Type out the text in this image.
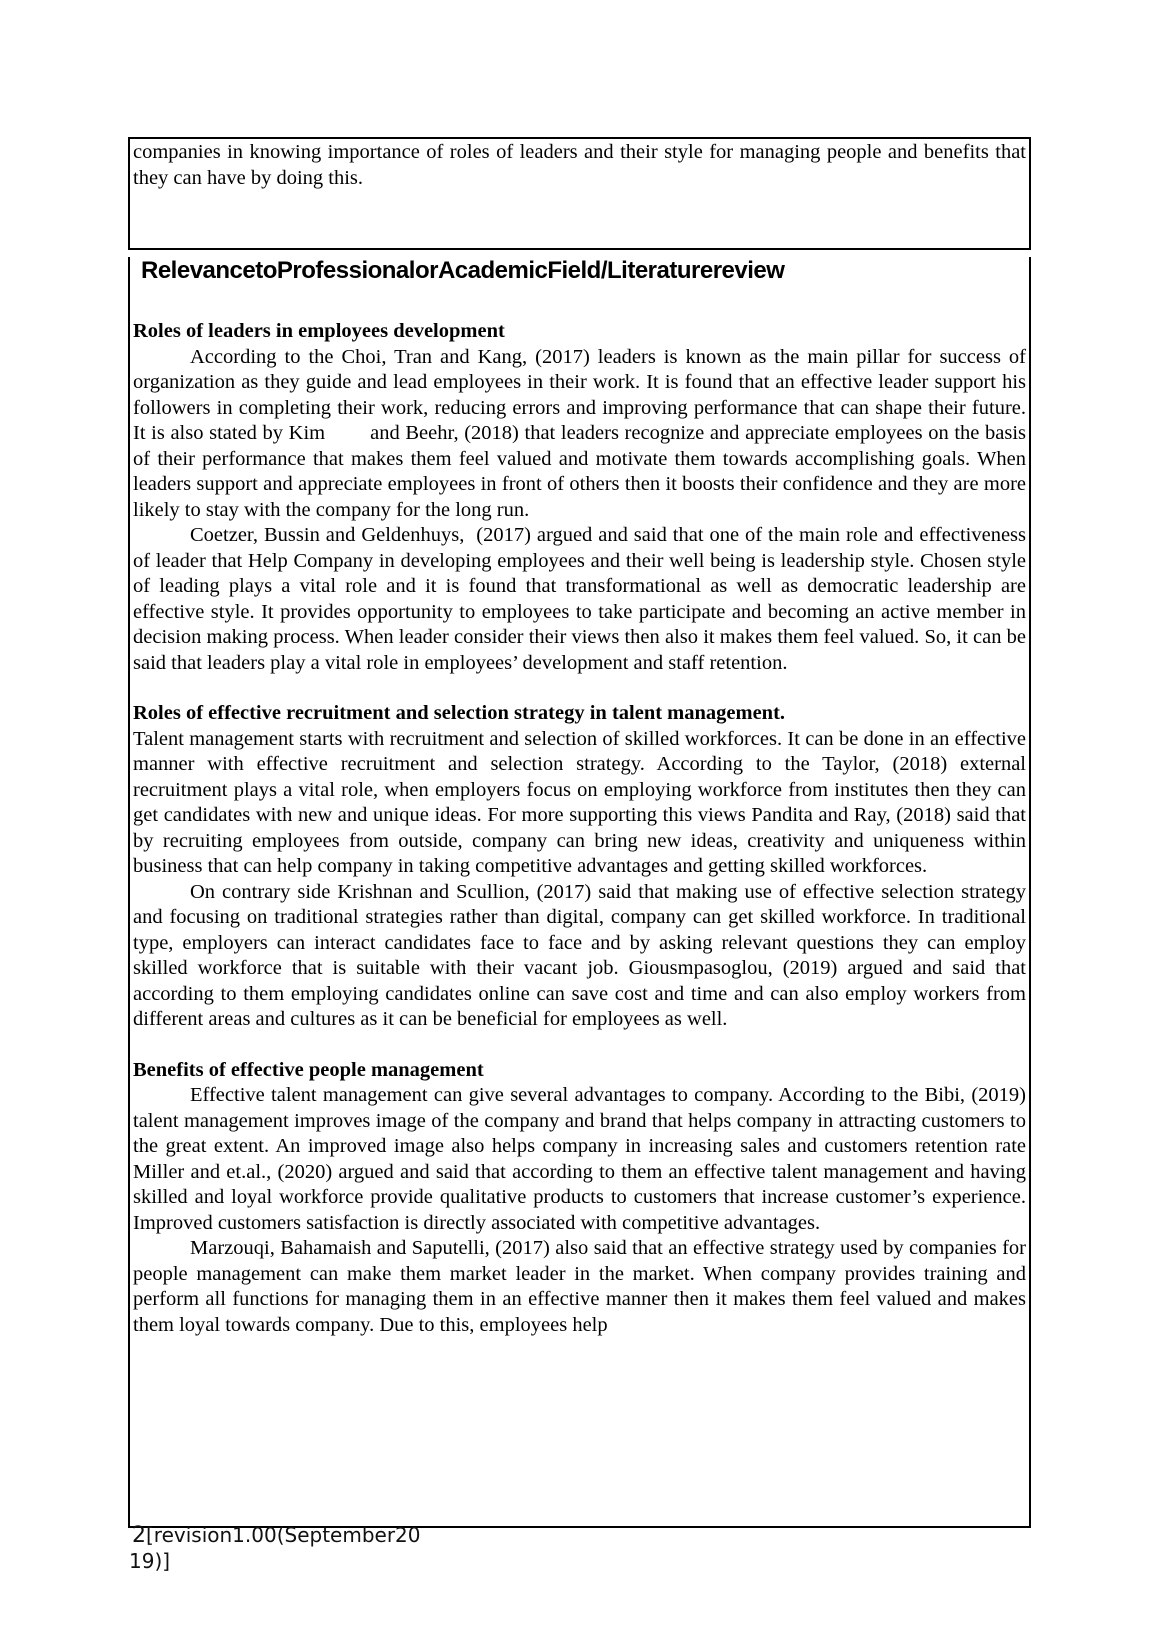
companies in knowing importance of roles of leaders and their style for managing people and benefits that they can have by doing this.

RelevancetoProfessionalorAcademicField/Literaturereview
Roles of leaders in employees development

According to the Choi, Tran and Kang, (2017) leaders is known as the main pillar for success of organization as they guide and lead employees in their work. It is found that an effective leader support his followers in completing their work, reducing errors and improving performance that can shape their future. It is also stated by Kim        and Beehr, (2018) that leaders recognize and appreciate employees on the basis of their performance that makes them feel valued and motivate them towards accomplishing goals. When leaders support and appreciate employees in front of others then it boosts their confidence and they are more likely to stay with the company for the long run.

Coetzer, Bussin and Geldenhuys,  (2017) argued and said that one of the main role and effectiveness of leader that Help Company in developing employees and their well being is leadership style. Chosen style of leading plays a vital role and it is found that transformational as well as democratic leadership are effective style. It provides opportunity to employees to take participate and becoming an active member in decision making process. When leader consider their views then also it makes them feel valued. So, it can be said that leaders play a vital role in employees’ development and staff retention.

Roles of effective recruitment and selection strategy in talent management.

Talent management starts with recruitment and selection of skilled workforces. It can be done in an effective manner with effective recruitment and selection strategy. According to the Taylor, (2018) external recruitment plays a vital role, when employers focus on employing workforce from institutes then they can get candidates with new and unique ideas. For more supporting this views Pandita and Ray, (2018) said that by recruiting employees from outside, company can bring new ideas, creativity and uniqueness within business that can help company in taking competitive advantages and getting skilled workforces.

On contrary side Krishnan and Scullion, (2017) said that making use of effective selection strategy and focusing on traditional strategies rather than digital, company can get skilled workforce. In traditional type, employers can interact candidates face to face and by asking relevant questions they can employ skilled workforce that is suitable with their vacant job. Giousmpasoglou, (2019) argued and said that according to them employing candidates online can save cost and time and can also employ workers from different areas and cultures as it can be beneficial for employees as well.

Benefits of effective people management

Effective talent management can give several advantages to company. According to the Bibi, (2019) talent management improves image of the company and brand that helps company in attracting customers to the great extent. An improved image also helps company in increasing sales and customers retention rate Miller and et.al., (2020) argued and said that according to them an effective talent management and having skilled and loyal workforce provide qualitative products to customers that increase customer’s experience. Improved customers satisfaction is directly associated with competitive advantages.

Marzouqi, Bahamaish and Saputelli, (2017) also said that an effective strategy used by companies for people management can make them market leader in the market. When company provides training and perform all functions for managing them in an effective manner then it makes them feel valued and makes them loyal towards company. Due to this, employees help

2[revision1.00(September20
19)]
